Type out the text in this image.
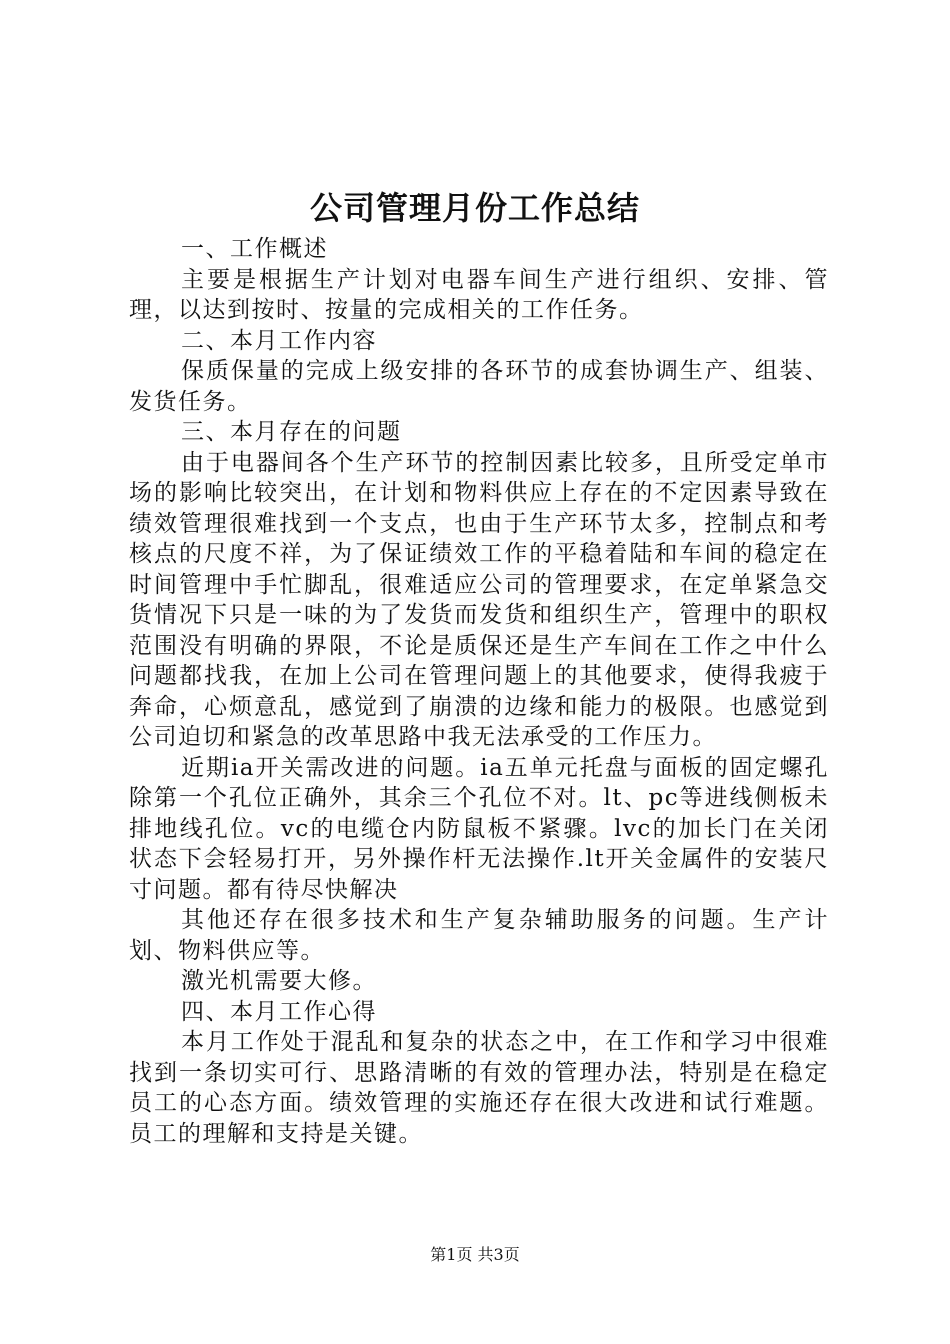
公司管理月份工作总结

一、工作概述

主要是根据生产计划对电器车间生产进行组织、安排、管理，以达到按时、按量的完成相关的工作任务。

二、本月工作内容

保质保量的完成上级安排的各环节的成套协调生产、组装、发货任务。

三、本月存在的问题

由于电器间各个生产环节的控制因素比较多，且所受定单市场的影响比较突出，在计划和物料供应上存在的不定因素导致在绩效管理很难找到一个支点，也由于生产环节太多，控制点和考核点的尺度不祥，为了保证绩效工作的平稳着陆和车间的稳定在时间管理中手忙脚乱，很难适应公司的管理要求，在定单紧急交货情况下只是一味的为了发货而发货和组织生产，管理中的职权范围没有明确的界限，不论是质保还是生产车间在工作之中什么问题都找我，在加上公司在管理问题上的其他要求，使得我疲于奔命，心烦意乱，感觉到了崩溃的边缘和能力的极限。也感觉到公司迫切和紧急的改革思路中我无法承受的工作压力。

近期ia开关需改进的问题。ia五单元托盘与面板的固定螺孔除第一个孔位正确外，其余三个孔位不对。lt、pc等进线侧板未排地线孔位。vc的电缆仓内防鼠板不紧骤。lvc的加长门在关闭状态下会轻易打开，另外操作杆无法操作.lt开关金属件的安装尺寸问题。都有待尽快解决

其他还存在很多技术和生产复杂辅助服务的问题。生产计划、物料供应等。

激光机需要大修。

四、本月工作心得

本月工作处于混乱和复杂的状态之中，在工作和学习中很难找到一条切实可行、思路清晰的有效的管理办法，特别是在稳定员工的心态方面。绩效管理的实施还存在很大改进和试行难题。员工的理解和支持是关键。

第1页 共3页
